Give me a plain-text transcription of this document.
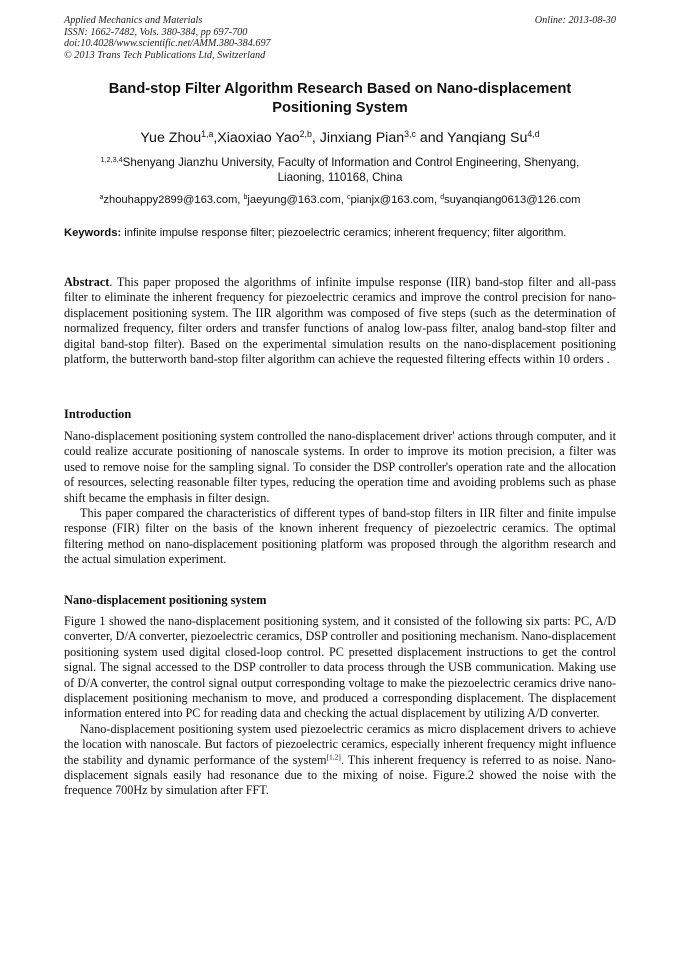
Applied Mechanics and Materials
ISSN: 1662-7482, Vols. 380-384, pp 697-700
doi:10.4028/www.scientific.net/AMM.380-384.697
© 2013 Trans Tech Publications Ltd, Switzerland
Online: 2013-08-30
Band-stop Filter Algorithm Research Based on Nano-displacement
Positioning System
Yue Zhou$^{1,a}$,Xiaoxiao Yao$^{2,b}$, Jinxiang Pian$^{3,c}$ and Yanqiang Su$^{4,d}$
$^{1,2,3,4}$Shenyang Jianzhu University, Faculty of Information and Control Engineering, Shenyang,
Liaoning, 110168, China
$^a$zhouhappy2899@163.com, $^b$jaeyung@163.com, $^c$pianjx@163.com, $^d$suyanqiang0613@126.com
Keywords: infinite impulse response filter; piezoelectric ceramics; inherent frequency; filter algorithm.
Abstract. This paper proposed the algorithms of infinite impulse response (IIR) band-stop filter and all-pass filter to eliminate the inherent frequency for piezoelectric ceramics and improve the control precision for nano-displacement positioning system. The IIR algorithm was composed of five steps (such as the determination of normalized frequency, filter orders and transfer functions of analog low-pass filter, analog band-stop filter and digital band-stop filter). Based on the experimental simulation results on the nano-displacement positioning platform, the butterworth band-stop filter algorithm can achieve the requested filtering effects within 10 orders .
Introduction

Nano-displacement positioning system controlled the nano-displacement driver' actions through computer, and it could realize accurate positioning of nanoscale systems. In order to improve its motion precision, a filter was used to remove noise for the sampling signal. To consider the DSP controller's operation rate and the allocation of resources, selecting reasonable filter types, reducing the operation time and avoiding problems such as phase shift became the emphasis in filter design.

This paper compared the characteristics of different types of band-stop filters in IIR filter and finite impulse response (FIR) filter on the basis of the known inherent frequency of piezoelectric ceramics. The optimal filtering method on nano-displacement positioning platform was proposed through the algorithm research and the actual simulation experiment.

Nano-displacement positioning system

Figure 1 showed the nano-displacement positioning system, and it consisted of the following six parts: PC, A/D converter, D/A converter, piezoelectric ceramics, DSP controller and positioning mechanism. Nano-displacement positioning system used digital closed-loop control. PC presetted displacement instructions to get the control signal. The signal accessed to the DSP controller to data process through the USB communication. Making use of D/A converter, the control signal output corresponding voltage to make the piezoelectric ceramics drive nano-displacement positioning mechanism to move, and produced a corresponding displacement. The displacement information entered into PC for reading data and checking the actual displacement by utilizing A/D converter.

Nano-displacement positioning system used piezoelectric ceramics as micro displacement drivers to achieve the location with nanoscale. But factors of piezoelectric ceramics, especially inherent frequency might influence the stability and dynamic performance of the system[1,2]. This inherent frequency is referred to as noise. Nano-displacement signals easily had resonance due to the mixing of noise. Figure.2 showed the noise with the frequence 700Hz by simulation after FFT.
